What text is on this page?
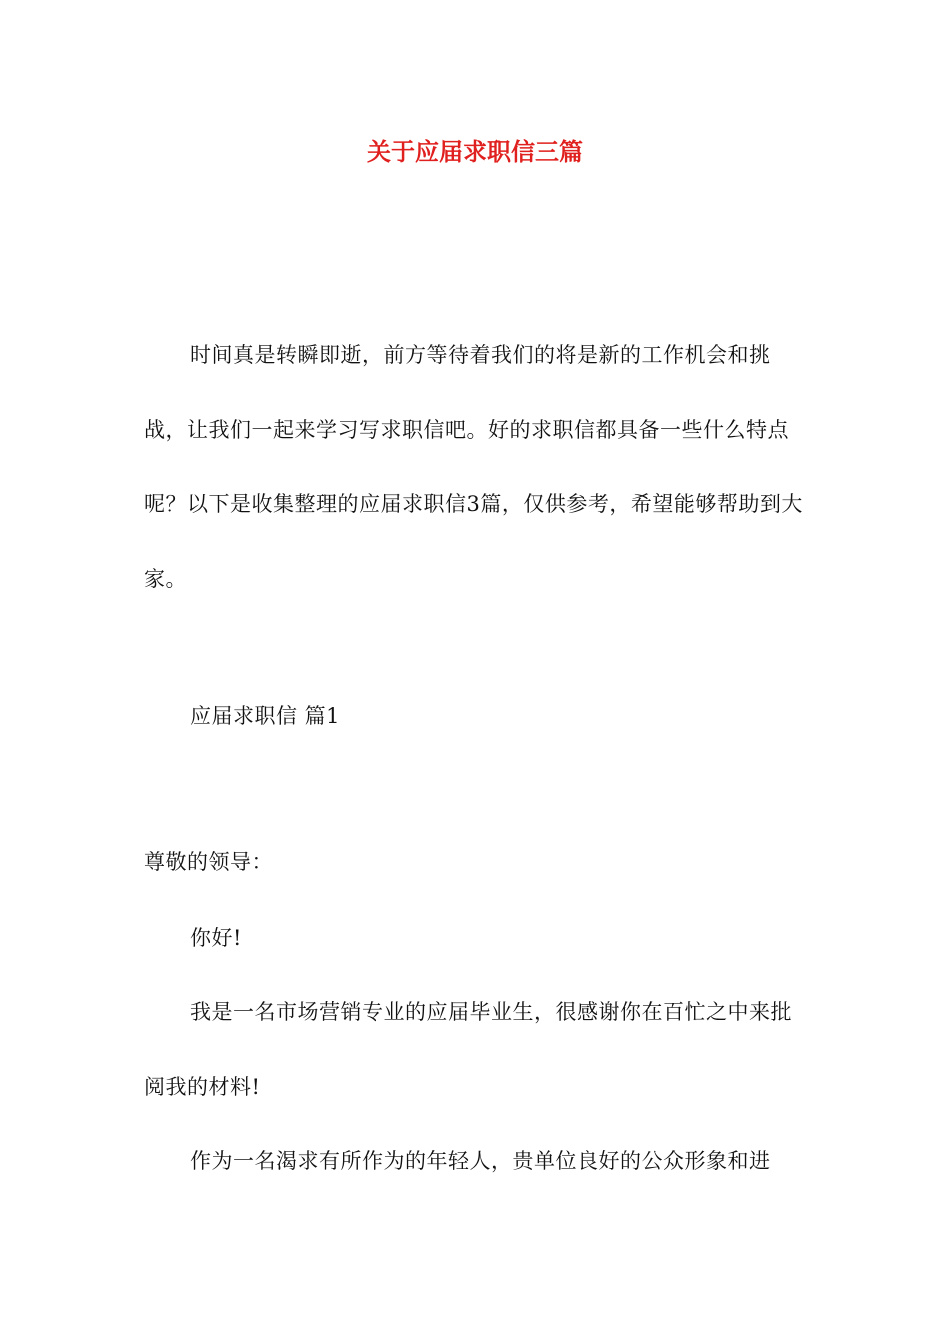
关于应届求职信三篇
时间真是转瞬即逝，前方等待着我们的将是新的工作机会和挑战，让我们一起来学习写求职信吧。好的求职信都具备一些什么特点呢？以下是收集整理的应届求职信3篇，仅供参考，希望能够帮助到大家。
应届求职信 篇1
尊敬的领导：
你好!
我是一名市场营销专业的应届毕业生，很感谢你在百忙之中来批阅我的材料!
作为一名渴求有所作为的年轻人，贵单位良好的公众形象和进
